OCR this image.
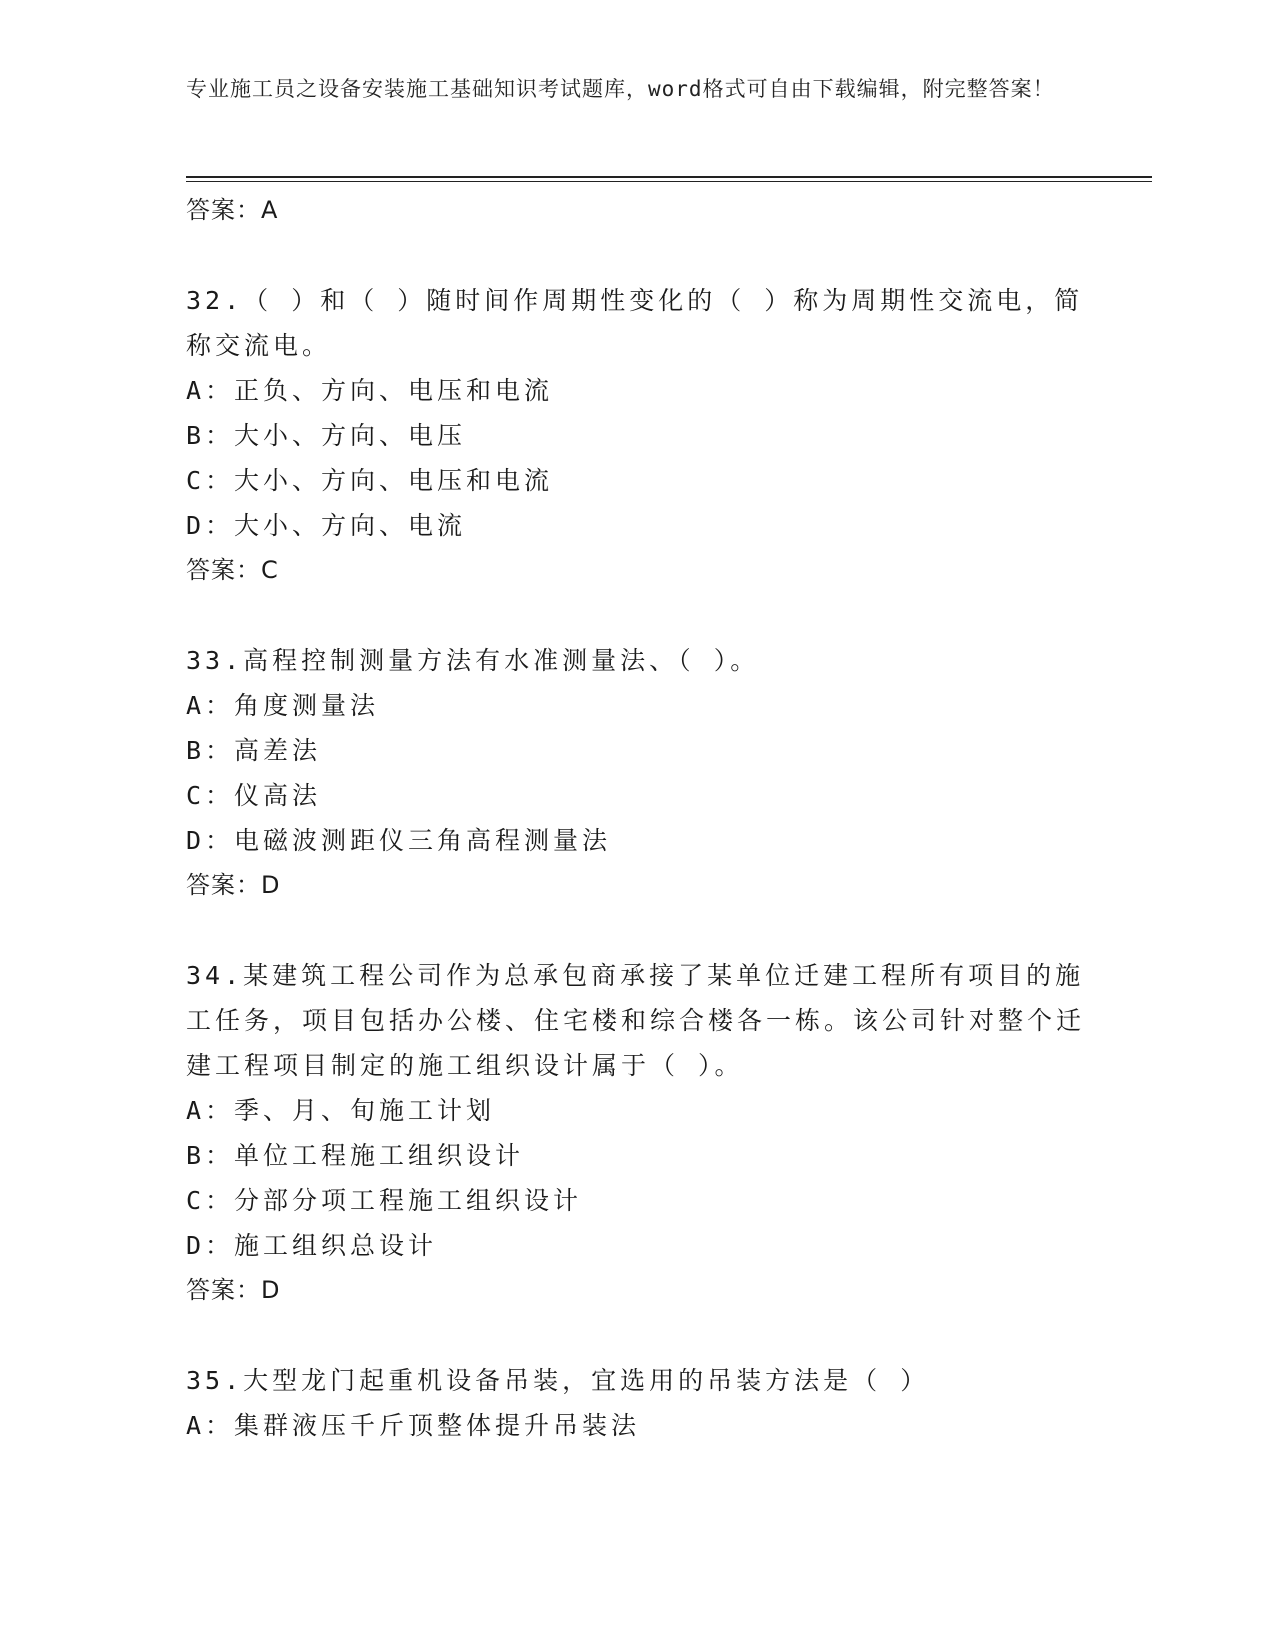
专业施工员之设备安装施工基础知识考试题库，word格式可自由下载编辑，附完整答案！
答案：A
32.（ ）和（ ）随时间作周期性变化的（ ）称为周期性交流电，简称交流电。
A：正负、方向、电压和电流
B：大小、方向、电压
C：大小、方向、电压和电流
D：大小、方向、电流
答案：C
33.高程控制测量方法有水准测量法、（ ）。
A：角度测量法
B：高差法
C：仪高法
D：电磁波测距仪三角高程测量法
答案：D
34.某建筑工程公司作为总承包商承接了某单位迁建工程所有项目的施工任务，项目包括办公楼、住宅楼和综合楼各一栋。该公司针对整个迁建工程项目制定的施工组织设计属于（ ）。
A：季、月、旬施工计划
B：单位工程施工组织设计
C：分部分项工程施工组织设计
D：施工组织总设计
答案：D
35.大型龙门起重机设备吊装，宜选用的吊装方法是（ ）
A：集群液压千斤顶整体提升吊装法
